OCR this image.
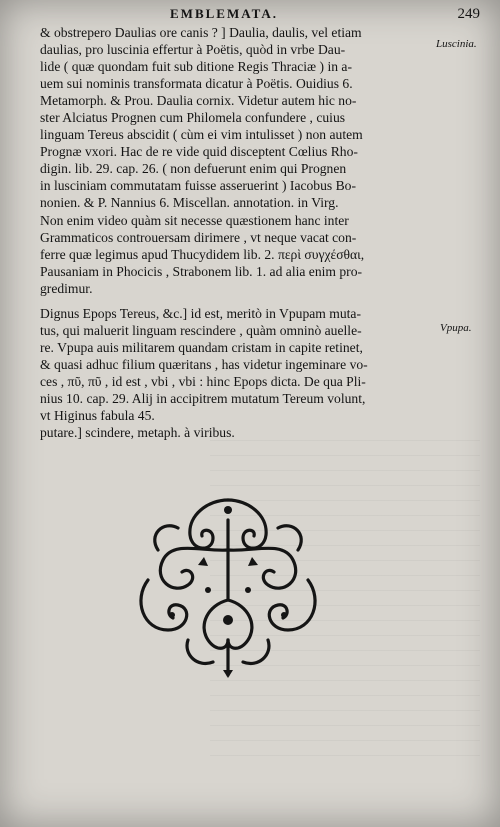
EMBLEMATA.	249
Luscinia.
Vpupa.
& obstrepero Daulias ore canis ? ] Daulia, daulis, vel etiam
daulias, pro luscinia effertur à Poëtis, quòd in vrbe Dau-
lide ( quæ quondam fuit sub ditione Regis Thraciæ ) in a-
uem sui nominis transformata dicatur à Poëtis. Ouidius 6.
Metamorph. & Prou. Daulia cornix. Videtur autem hic no-
ster Alciatus Prognen cum Philomela confundere , cuius
linguam Tereus abscidit ( cùm ei vim intulisset ) non autem
Prognæ vxori. Hac de re vide quid disceptent Cœlius Rho-
digin. lib. 29. cap. 26. ( non defuerunt enim qui Prognen
in lusciniam commutatam fuisse asseruerint ) Iacobus Bo-
nonien. & P. Nannius 6. Miscellan. annotation. in Virg.
Non enim video quàm sit necesse quæstionem hanc inter
Grammaticos controuersam dirimere , vt neque vacat con-
ferre quæ legimus apud Thucydidem lib. 2. περὶ συγχέσθαι,
Pausaniam in Phocicis , Strabonem lib. 1. ad alia enim pro-
gredimur.
Dignus Epops Tereus, &c.] id est, meritò in Vpupam muta-
tus, qui maluerit linguam rescindere , quàm omninò auelle-
re. Vpupa auis militarem quandam cristam in capite retinet,
& quasi adhuc filium quæritans , has videtur ingeminare vo-
ces , πῦ, πῦ , id est , vbi , vbi : hinc Epops dicta. De qua Pli-
nius 10. cap. 29. Alij in accipitrem mutatum Tereum volunt,
vt Higinus fabula 45.
putare.] scindere, metaph. à viribus.
